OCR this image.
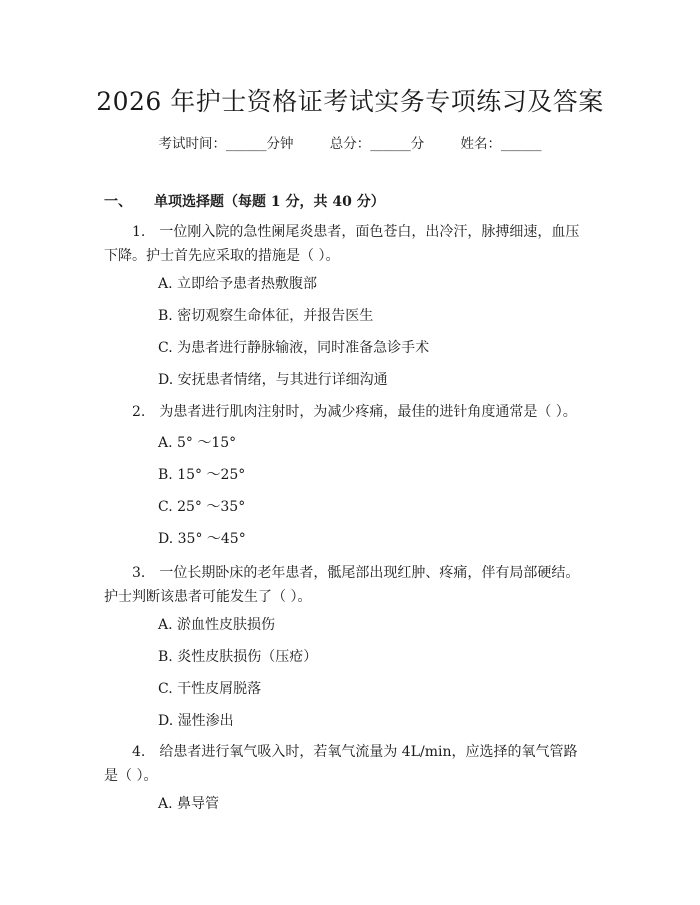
2026 年护士资格证考试实务专项练习及答案
考试时间：______分钟	总分：______分	姓名：______
一、 单项选择题（每题 1 分，共 40 分）
1.　一位刚入院的急性阑尾炎患者，面色苍白，出冷汗，脉搏细速，血压下降。护士首先应采取的措施是（ ）。
A. 立即给予患者热敷腹部
B. 密切观察生命体征，并报告医生
C. 为患者进行静脉输液，同时准备急诊手术
D. 安抚患者情绪，与其进行详细沟通
2.　为患者进行肌肉注射时，为减少疼痛，最佳的进针角度通常是（ ）。
A. 5° ～15°
B. 15° ～25°
C. 25° ～35°
D. 35° ～45°
3.　一位长期卧床的老年患者，骶尾部出现红肿、疼痛，伴有局部硬结。护士判断该患者可能发生了（ ）。
A. 淤血性皮肤损伤
B. 炎性皮肤损伤（压疮）
C. 干性皮屑脱落
D. 湿性渗出
4.　给患者进行氧气吸入时，若氧气流量为 4L/min，应选择的氧气管路是（ ）。
A. 鼻导管
